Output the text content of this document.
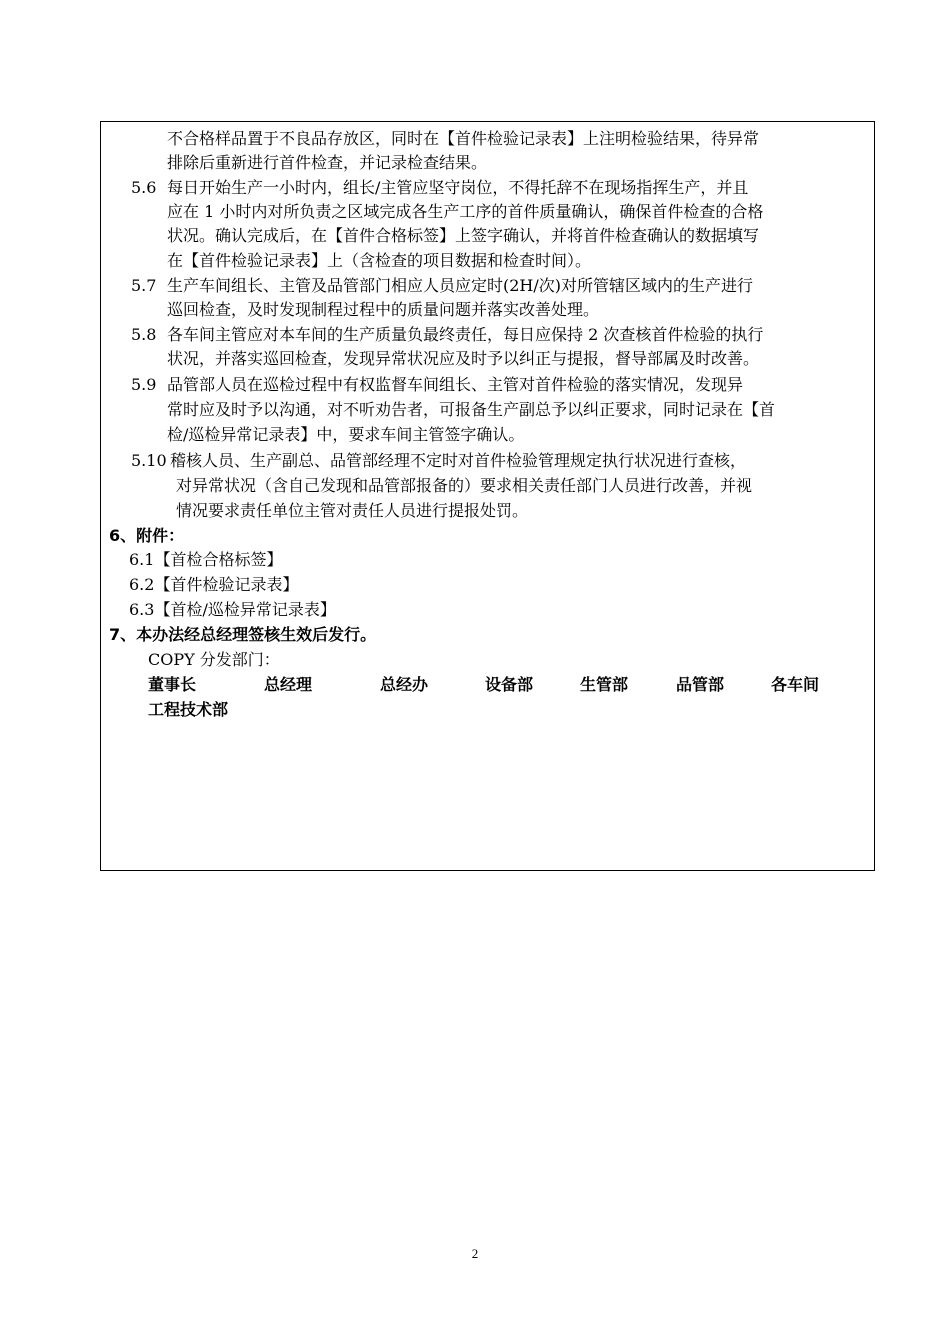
不合格样品置于不良品存放区，同时在【首件检验记录表】上注明检验结果，待异常
排除后重新进行首件检查，并记录检查结果。
5.6 每日开始生产一小时内，组长/主管应坚守岗位，不得托辞不在现场指挥生产，并且
应在 1 小时内对所负责之区域完成各生产工序的首件质量确认，确保首件检查的合格
状况。确认完成后，在【首件合格标签】上签字确认，并将首件检查确认的数据填写
在【首件检验记录表】上（含检查的项目数据和检查时间）。
5.7 生产车间组长、主管及品管部门相应人员应定时(2H/次)对所管辖区域内的生产进行
巡回检查，及时发现制程过程中的质量问题并落实改善处理。
5.8 各车间主管应对本车间的生产质量负最终责任，每日应保持 2 次查核首件检验的执行
状况，并落实巡回检查，发现异常状况应及时予以纠正与提报，督导部属及时改善。
5.9 品管部人员在巡检过程中有权监督车间组长、主管对首件检验的落实情况，发现异
常时应及时予以沟通，对不听劝告者，可报备生产副总予以纠正要求，同时记录在【首
检/巡检异常记录表】中，要求车间主管签字确认。
5.10 稽核人员、生产副总、品管部经理不定时对首件检验管理规定执行状况进行查核，
对异常状况（含自己发现和品管部报备的）要求相关责任部门人员进行改善，并视
情况要求责任单位主管对责任人员进行提报处罚。
6、附件：
6.1【首检合格标签】
6.2【首件检验记录表】
6.3【首检/巡检异常记录表】
7、本办法经总经理签核生效后发行。
COPY 分发部门：
董事长	总经理	总经办	设备部	生管部	品管部	各车间
工程技术部
2
